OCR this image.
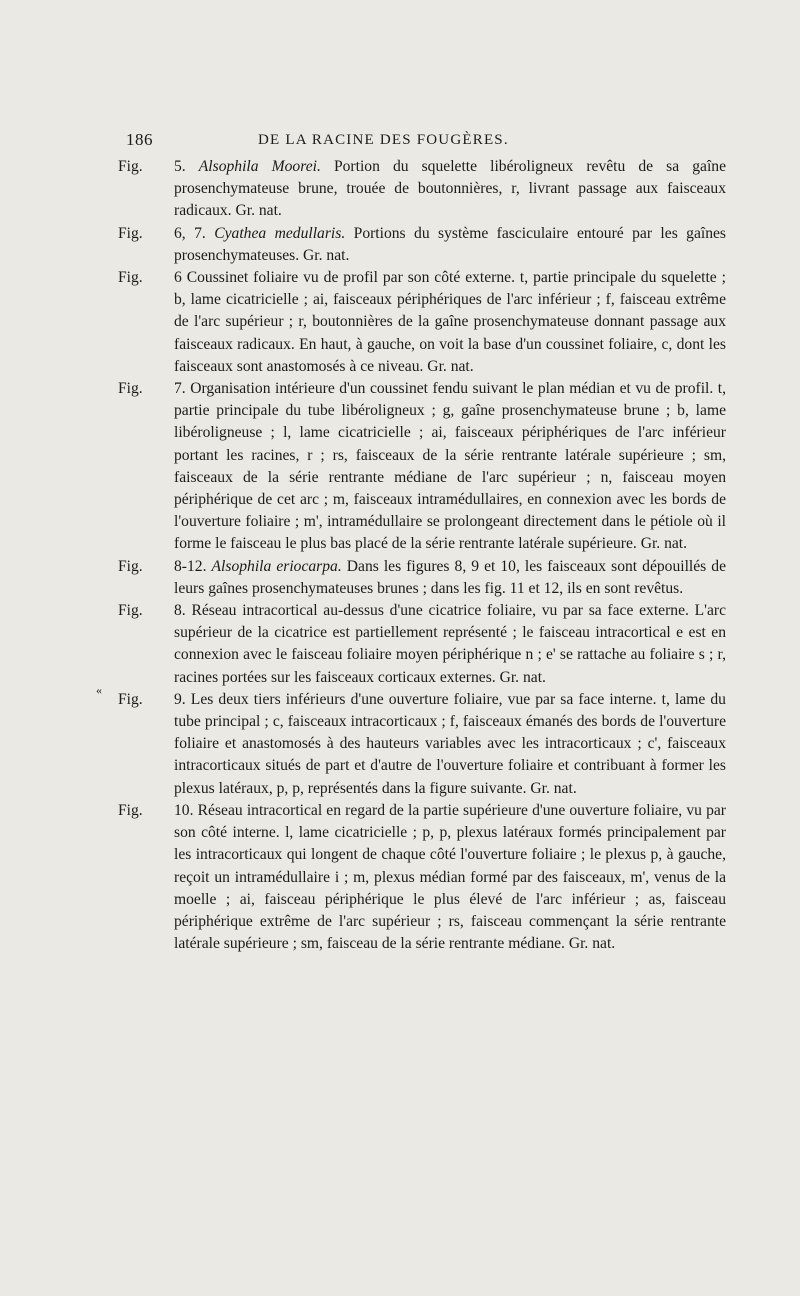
186	DE LA RACINE DES FOUGÈRES.
«
Fig. 5. Alsophila Moorei. Portion du squelette libéroligneux revêtu de sa gaîne prosenchymateuse brune, trouée de boutonnières, r, livrant passage aux faisceaux radicaux. Gr. nat.
Fig. 6, 7. Cyathea medullaris. Portions du système fasciculaire entouré par les gaînes prosenchymateuses. Gr. nat.
Fig. 6 Coussinet foliaire vu de profil par son côté externe. t, partie principale du squelette ; b, lame cicatricielle ; ai, faisceaux périphériques de l'arc inférieur ; f, faisceau extrême de l'arc supérieur ; r, boutonnières de la gaîne prosenchymateuse donnant passage aux faisceaux radicaux. En haut, à gauche, on voit la base d'un coussinet foliaire, c, dont les faisceaux sont anastomosés à ce niveau. Gr. nat.
Fig. 7. Organisation intérieure d'un coussinet fendu suivant le plan médian et vu de profil. t, partie principale du tube libéroligneux ; g, gaîne prosenchymateuse brune ; b, lame libéroligneuse ; l, lame cicatricielle ; ai, faisceaux périphériques de l'arc inférieur portant les racines, r ; rs, faisceaux de la série rentrante latérale supérieure ; sm, faisceaux de la série rentrante médiane de l'arc supérieur ; n, faisceau moyen périphérique de cet arc ; m, faisceaux intramédullaires, en connexion avec les bords de l'ouverture foliaire ; m', intramédullaire se prolongeant directement dans le pétiole où il forme le faisceau le plus bas placé de la série rentrante latérale supérieure. Gr. nat.
Fig. 8-12. Alsophila eriocarpa. Dans les figures 8, 9 et 10, les faisceaux sont dépouillés de leurs gaînes prosenchymateuses brunes ; dans les fig. 11 et 12, ils en sont revêtus.
Fig. 8. Réseau intracortical au-dessus d'une cicatrice foliaire, vu par sa face externe. L'arc supérieur de la cicatrice est partiellement représenté ; le faisceau intracortical e est en connexion avec le faisceau foliaire moyen périphérique n ; e' se rattache au foliaire s ; r, racines portées sur les faisceaux corticaux externes. Gr. nat.
Fig. 9. Les deux tiers inférieurs d'une ouverture foliaire, vue par sa face interne. t, lame du tube principal ; c, faisceaux intracorticaux ; f, faisceaux émanés des bords de l'ouverture foliaire et anastomosés à des hauteurs variables avec les intracorticaux ; c', faisceaux intracorticaux situés de part et d'autre de l'ouverture foliaire et contribuant à former les plexus latéraux, p, p, représentés dans la figure suivante. Gr. nat.
Fig. 10. Réseau intracortical en regard de la partie supérieure d'une ouverture foliaire, vu par son côté interne. l, lame cicatricielle ; p, p, plexus latéraux formés principalement par les intracorticaux qui longent de chaque côté l'ouverture foliaire ; le plexus p, à gauche, reçoit un intramédullaire i ; m, plexus médian formé par des faisceaux, m', venus de la moelle ; ai, faisceau périphérique le plus élevé de l'arc inférieur ; as, faisceau périphérique extrême de l'arc supérieur ; rs, faisceau commençant la série rentrante latérale supérieure ; sm, faisceau de la série rentrante médiane. Gr. nat.
